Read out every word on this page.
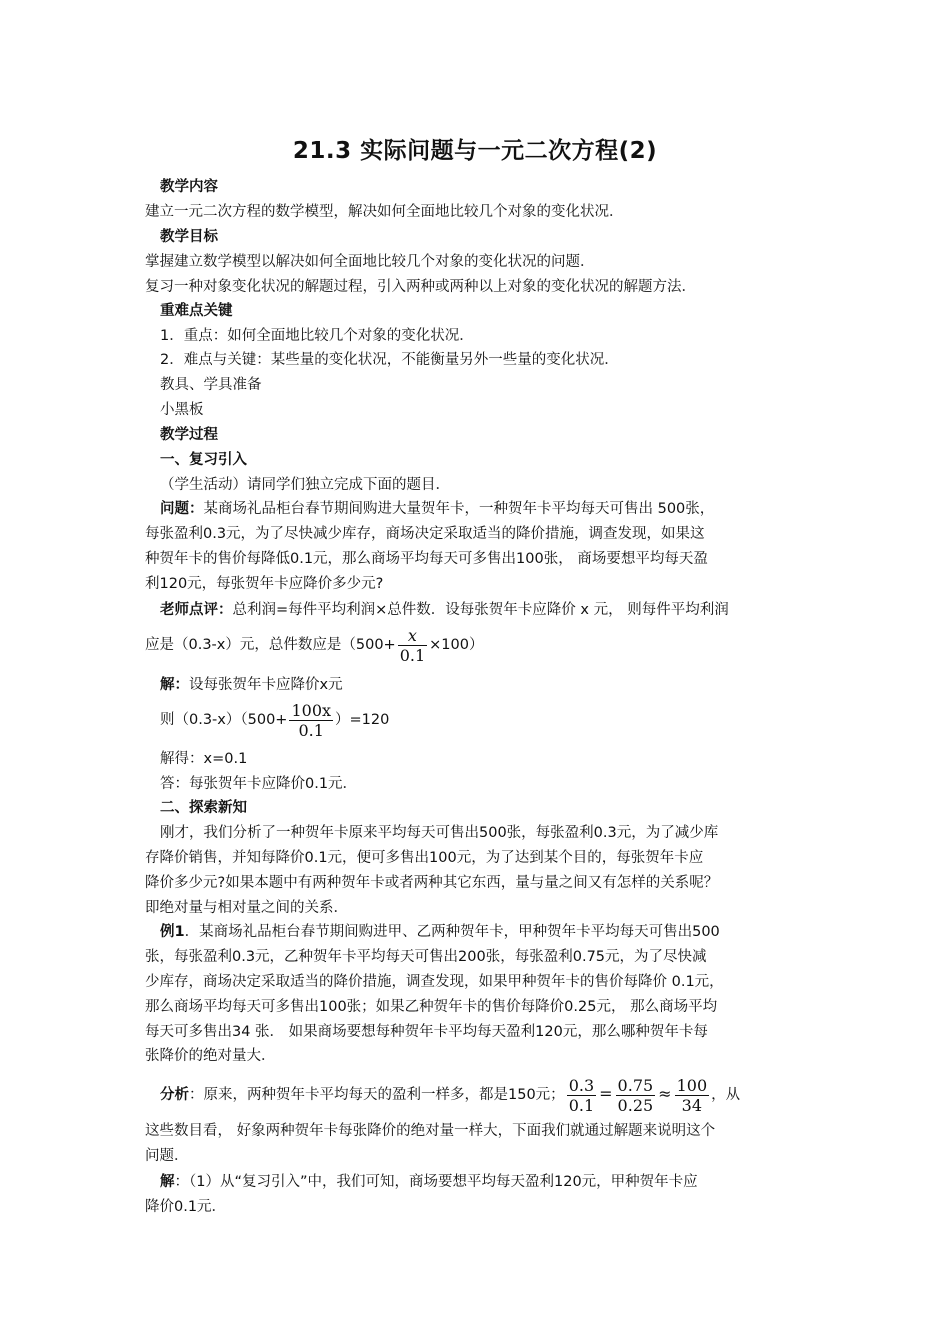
21.3 实际问题与一元二次方程(2)
教学内容
建立一元二次方程的数学模型，解决如何全面地比较几个对象的变化状况．
教学目标
掌握建立数学模型以解决如何全面地比较几个对象的变化状况的问题．
复习一种对象变化状况的解题过程，引入两种或两种以上对象的变化状况的解题方法．
重难点关键
1．重点：如何全面地比较几个对象的变化状况．
2．难点与关键：某些量的变化状况，不能衡量另外一些量的变化状况．
教具、学具准备
小黑板
教学过程
一、复习引入
（学生活动）请同学们独立完成下面的题目．
问题：某商场礼品柜台春节期间购进大量贺年卡，一种贺年卡平均每天可售出 500张，
每张盈利0.3元，为了尽快减少库存，商场决定采取适当的降价措施，调查发现，如果这
种贺年卡的售价每降低0.1元，那么商场平均每天可多售出100张， 商场要想平均每天盈
利120元，每张贺年卡应降价多少元?
老师点评：总利润=每件平均利润×总件数．设每张贺年卡应降价 x 元， 则每件平均利润
应是（0.3-x）元，总件数应是$(500+ \frac{x}{0.1} \times 100)$
解：设每张贺年卡应降价x元
则$(0.3-x)(500+ \frac{100x}{0.1} )=120$
解得：x=0.1
答：每张贺年卡应降价0.1元．
二、探索新知
刚才，我们分析了一种贺年卡原来平均每天可售出500张，每张盈利0.3元，为了减少库
存降价销售，并知每降价0.1元，便可多售出100元，为了达到某个目的，每张贺年卡应
降价多少元?如果本题中有两种贺年卡或者两种其它东西，量与量之间又有怎样的关系呢？
即绝对量与相对量之间的关系．
例1．某商场礼品柜台春节期间购进甲、乙两种贺年卡，甲种贺年卡平均每天可售出500
张，每张盈利0.3元，乙种贺年卡平均每天可售出200张，每张盈利0.75元，为了尽快减
少库存，商场决定采取适当的降价措施，调查发现，如果甲种贺年卡的售价每降价 0.1元，
那么商场平均每天可多售出100张；如果乙种贺年卡的售价每降价0.25元， 那么商场平均
每天可多售出34 张． 如果商场要想每种贺年卡平均每天盈利120元，那么哪种贺年卡每
张降价的绝对量大．
分析：原来，两种贺年卡平均每天的盈利一样多，都是150元； $\frac{0.3}{0.1} = \frac{0.75}{0.25} \approx \frac{100}{34}$ ，从
这些数目看， 好象两种贺年卡每张降价的绝对量一样大，下面我们就通过解题来说明这个
问题．
解：（1）从“复习引入”中，我们可知，商场要想平均每天盈利120元，甲种贺年卡应
降价0.1元．
